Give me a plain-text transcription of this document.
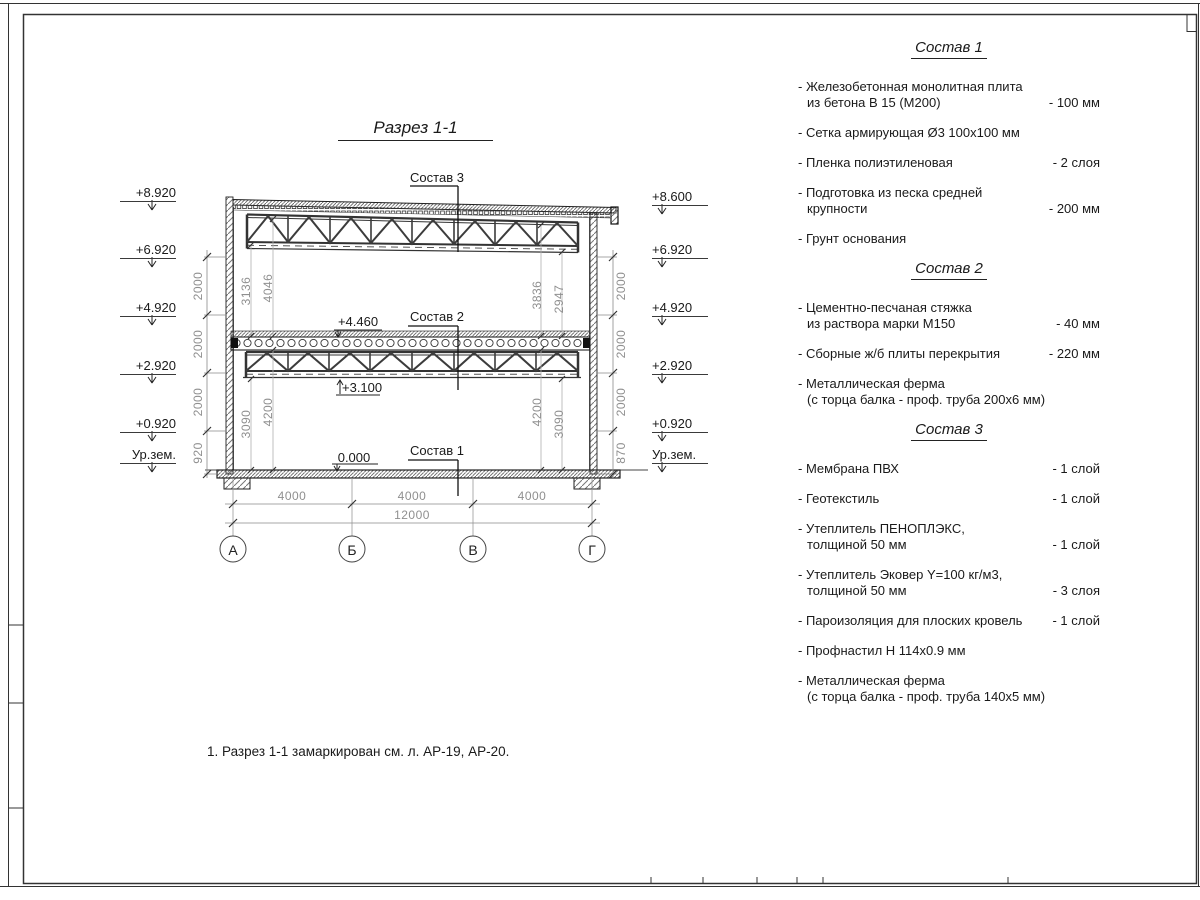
Разрез 1-1
Состав 3
Состав 2
Состав 1
+4.460
+3.100
0.000
+8.920
+6.920
+4.920
+2.920
+0.920
Ур.зем.
+8.600
+6.920
+4.920
+2.920
+0.920
Ур.зем.
2000
2000
2000
920
2000
2000
2000
870
3136 4046
3090 4200
3836 2947
4200 3090
4000	4000	4000
12000
А	Б	В	Г
1. Разрез 1-1 замаркирован см. л. АР-19, АР-20.
Состав 1
- Железобетонная монолитная плита
из бетона В 15 (М200)	- 100 мм
- Сетка армирующая Ø3 100х100 мм
- Пленка полиэтиленовая	- 2 слоя
- Подготовка из песка средней
крупности	- 200 мм
- Грунт основания
Состав 2
- Цементно-песчаная стяжка
из раствора марки М150	- 40 мм
- Сборные ж/б плиты перекрытия	- 220 мм
- Металлическая ферма
(с торца балка - проф. труба 200х6 мм)
Состав 3
- Мембрана ПВХ	- 1 слой
- Геотекстиль	- 1 слой
- Утеплитель ПЕНОПЛЭКС,
толщиной 50 мм	- 1 слой
- Утеплитель Эковер Y=100 кг/м3,
толщиной 50 мм	- 3 слоя
- Пароизоляция для плоских кровель	- 1 слой
- Профнастил Н 114х0.9 мм
- Металлическая ферма
(с торца балка - проф. труба 140х5 мм)
